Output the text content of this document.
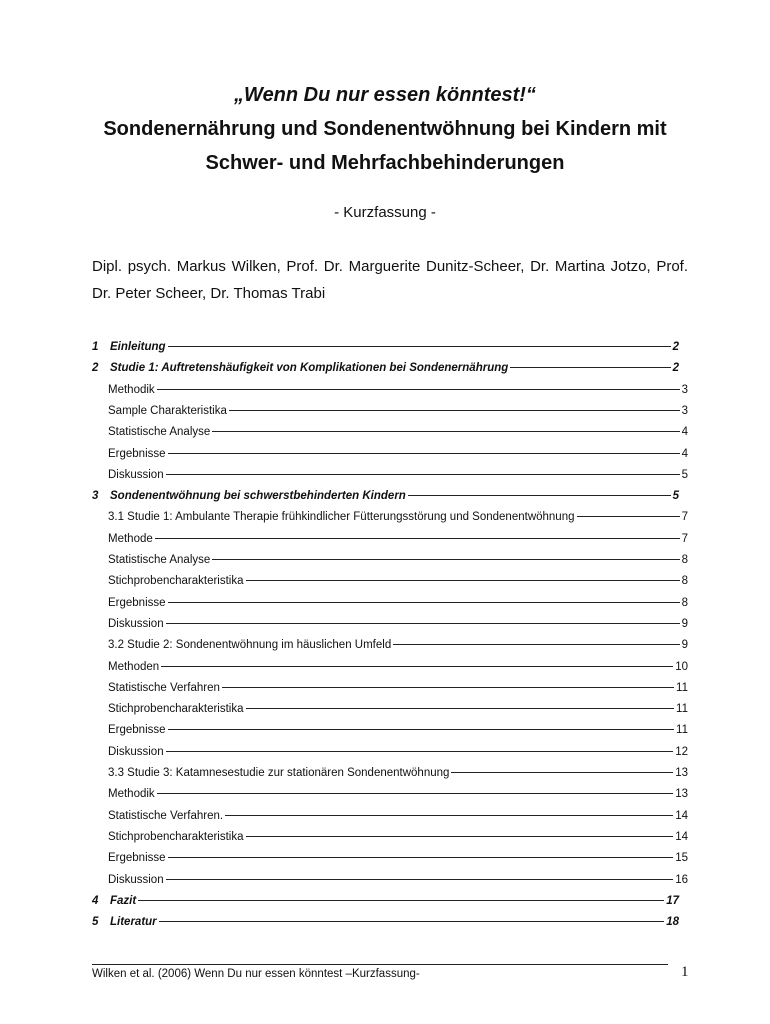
„Wenn Du nur essen könntest!“
Sondenernährung und Sondenentwöhnung bei Kindern mit
Schwer- und Mehrfachbehinderungen
- Kurzfassung -
Dipl. psych. Markus Wilken, Prof. Dr. Marguerite Dunitz-Scheer, Dr. Martina Jotzo, Prof. Dr. Peter Scheer, Dr. Thomas Trabi
1	Einleitung	2
2	Studie 1: Auftretenshäufigkeit von Komplikationen bei Sondenernährung	2
Methodik	3
Sample Charakteristika	3
Statistische Analyse	4
Ergebnisse	4
Diskussion	5
3	Sondenentwöhnung bei schwerstbehinderten Kindern	5
3.1 Studie 1: Ambulante Therapie frühkindlicher Fütterungsstörung und Sondenentwöhnung	7
Methode	7
Statistische Analyse	8
Stichprobencharakteristika	8
Ergebnisse	8
Diskussion	9
3.2 Studie 2: Sondenentwöhnung im häuslichen Umfeld	9
Methoden	10
Statistische Verfahren	11
Stichprobencharakteristika	11
Ergebnisse	11
Diskussion	12
3.3 Studie 3: Katamnesestudie zur stationären Sondenentwöhnung	13
Methodik	13
Statistische Verfahren.	14
Stichprobencharakteristika	14
Ergebnisse	15
Diskussion	16
4	Fazit	17
5	Literatur	18
Wilken et al. (2006) Wenn Du nur essen könntest –Kurzfassung-	1
